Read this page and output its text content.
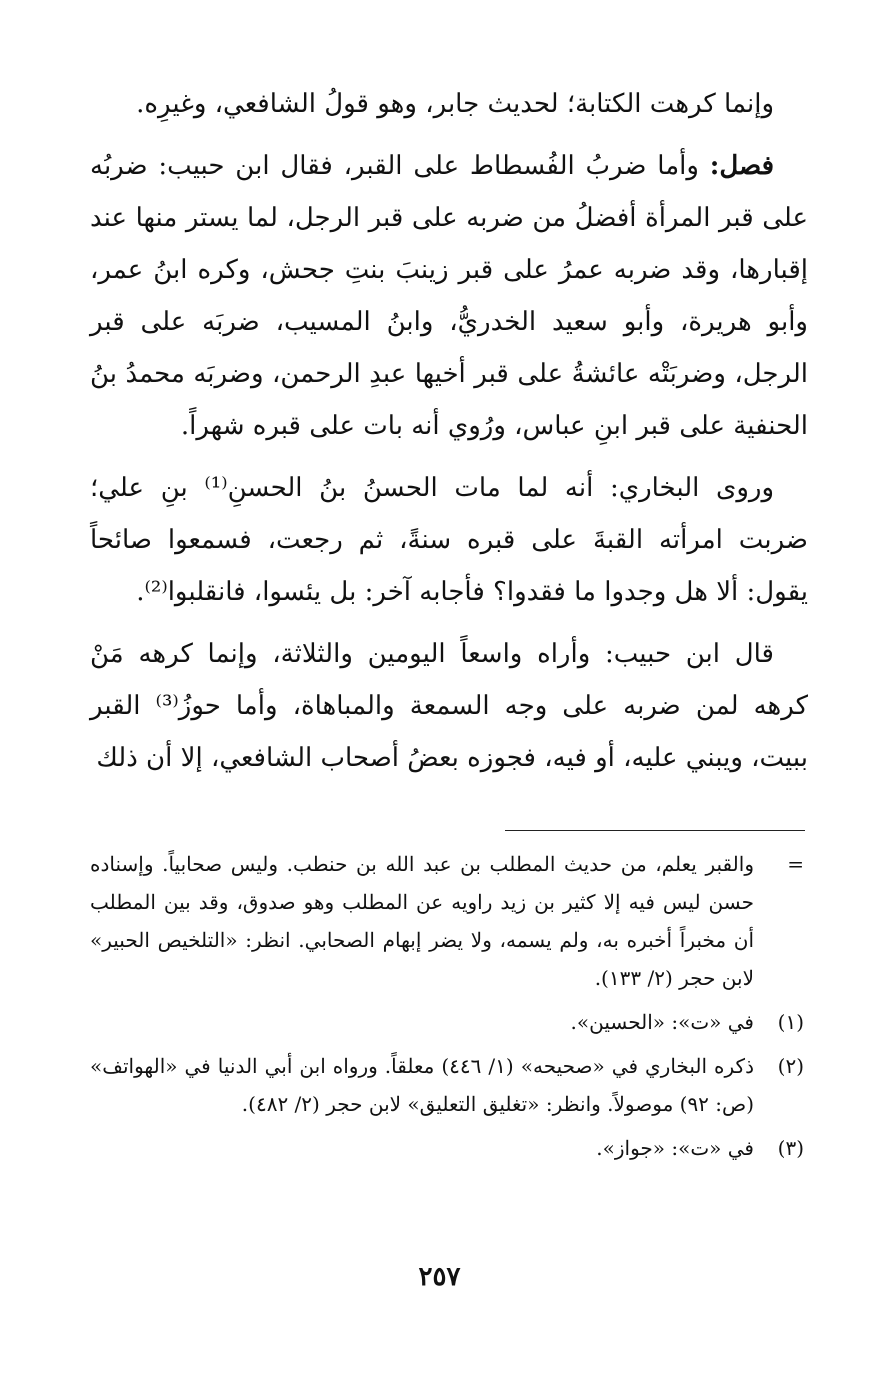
وإنما كرهت الكتابة؛ لحديث جابر، وهو قولُ الشافعي، وغيرِه.

فصل: وأما ضربُ الفُسطاط على القبر، فقال ابن حبيب: ضربُه على قبر المرأة أفضلُ من ضربه على قبر الرجل، لما يستر منها عند إقبارها، وقد ضربه عمرُ على قبر زينبَ بنتِ جحش، وكره ابنُ عمر، وأبو هريرة، وأبو سعيد الخدريُّ، وابنُ المسيب، ضربَه على قبر الرجل، وضربَتْه عائشةُ على قبر أخيها عبدِ الرحمن، وضربَه محمدُ بنُ الحنفية على قبر ابنِ عباس، ورُوي أنه بات على قبره شهراً.

وروى البخاري: أنه لما مات الحسنُ بنُ الحسنِ⁽¹⁾ بنِ علي؛ ضربت امرأته القبةَ على قبره سنةً، ثم رجعت، فسمعوا صائحاً يقول: ألا هل وجدوا ما فقدوا؟ فأجابه آخر: بل يئسوا، فانقلبوا⁽²⁾.

قال ابن حبيب: وأراه واسعاً اليومين والثلاثة، وإنما كرهه مَنْ كرهه لمن ضربه على وجه السمعة والمباهاة، وأما حوزُ⁽³⁾ القبر ببيت، ويبني عليه، أو فيه، فجوزه بعضُ أصحاب الشافعي، إلا أن ذلك

=
والقبر يعلم، من حديث المطلب بن عبد الله بن حنطب. وليس صحابياً. وإسناده حسن ليس فيه إلا كثير بن زيد راويه عن المطلب وهو صدوق، وقد بين المطلب أن مخبراً أخبره به، ولم يسمه، ولا يضر إبهام الصحابي. انظر: «التلخيص الحبير» لابن حجر (٢/ ١٣٣).
(١)
في «ت»: «الحسين».
(٢)
ذكره البخاري في «صحيحه» (١/ ٤٤٦) معلقاً. ورواه ابن أبي الدنيا في «الهواتف» (ص: ٩٢) موصولاً. وانظر: «تغليق التعليق» لابن حجر (٢/ ٤٨٢).
(٣)
في «ت»: «جواز».
٢٥٧
